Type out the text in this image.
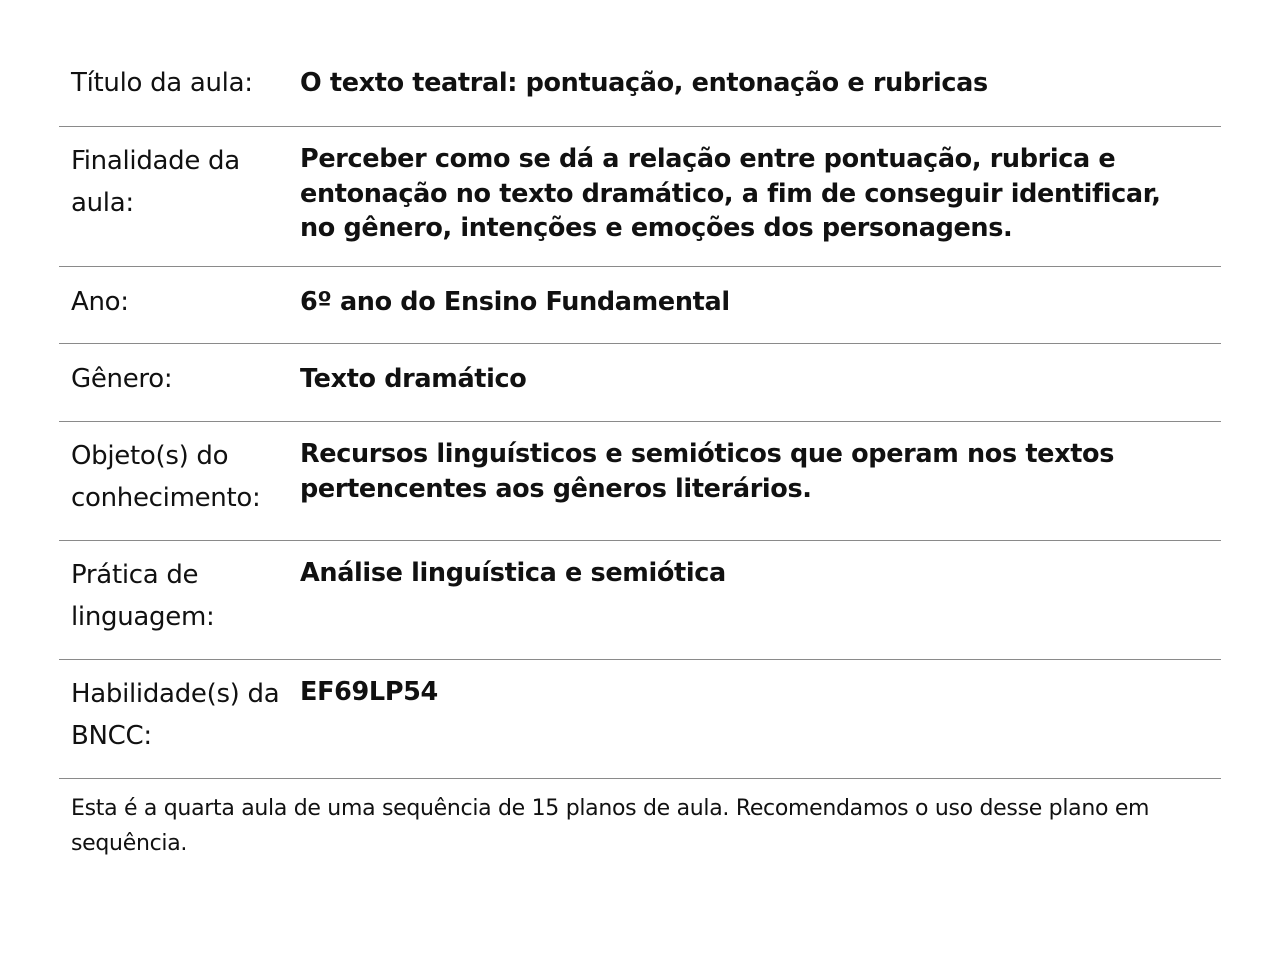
Título da aula:	O texto teatral: pontuação, entonação e rubricas
Finalidade da aula:
Perceber como se dá a relação entre pontuação, rubrica e entonação no texto dramático, a fim de conseguir identificar, no gênero, intenções e emoções dos personagens.
Ano:	6º ano do Ensino Fundamental
Gênero:	Texto dramático
Objeto(s) do conhecimento:
Recursos linguísticos e semióticos que operam nos textos pertencentes aos gêneros literários.
Prática de linguagem:
Análise linguística e semiótica
Habilidade(s) da BNCC:
EF69LP54
Esta é a quarta aula de uma sequência de 15 planos de aula. Recomendamos o uso desse plano em sequência.
